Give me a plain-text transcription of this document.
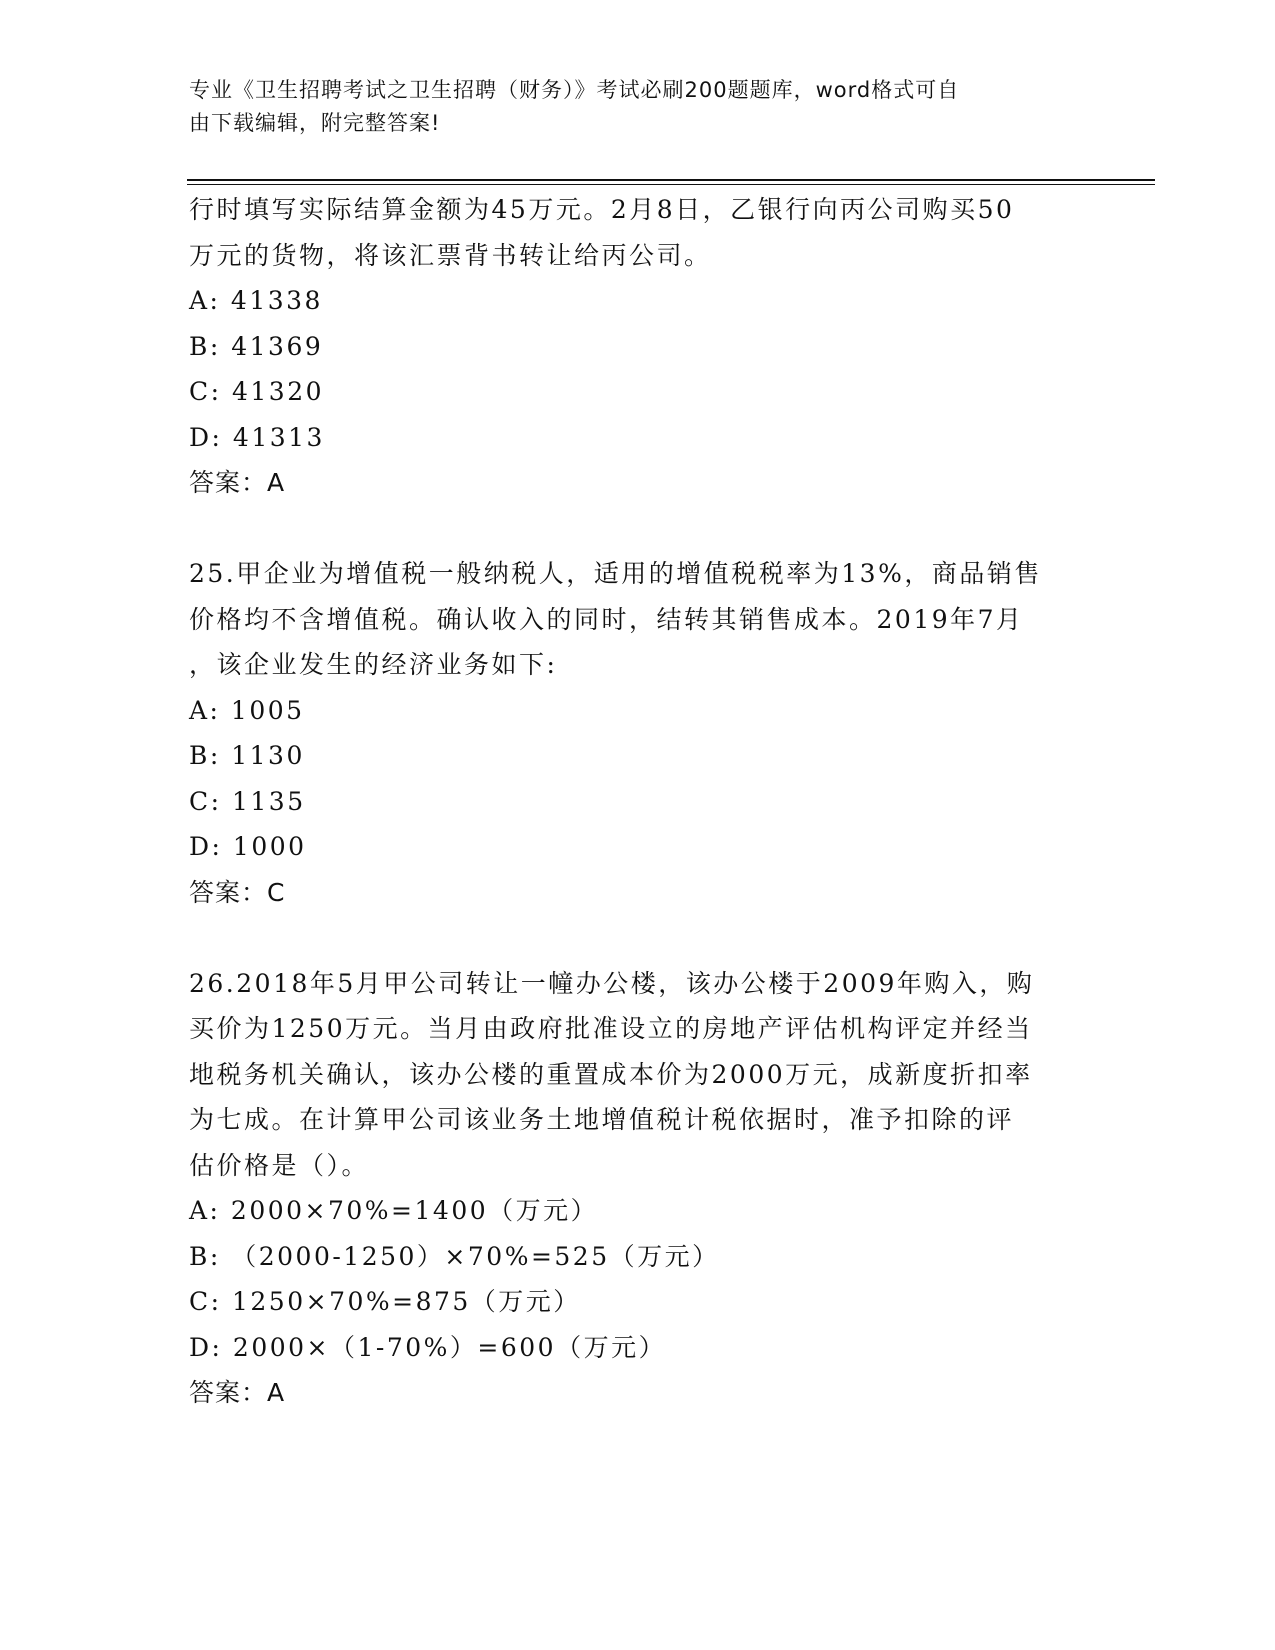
专业《卫生招聘考试之卫生招聘（财务）》考试必刷200题题库，word格式可自
由下载编辑，附完整答案!
行时填写实际结算金额为45万元。2月8日，乙银行向丙公司购买50
万元的货物，将该汇票背书转让给丙公司。
A: 41338
B: 41369
C: 41320
D: 41313
答案：A
25.甲企业为增值税一般纳税人，适用的增值税税率为13%，商品销售
价格均不含增值税。确认收入的同时，结转其销售成本。2019年7月
，该企业发生的经济业务如下:
A: 1005
B: 1130
C: 1135
D: 1000
答案：C
26.2018年5月甲公司转让一幢办公楼，该办公楼于2009年购入，购
买价为1250万元。当月由政府批准设立的房地产评估机构评定并经当
地税务机关确认，该办公楼的重置成本价为2000万元，成新度折扣率
为七成。在计算甲公司该业务土地增值税计税依据时，准予扣除的评
估价格是（）。
A: 2000×70%=1400（万元）
B: （2000-1250）×70%=525（万元）
C: 1250×70%=875（万元）
D: 2000×（1-70%）=600（万元）
答案：A
